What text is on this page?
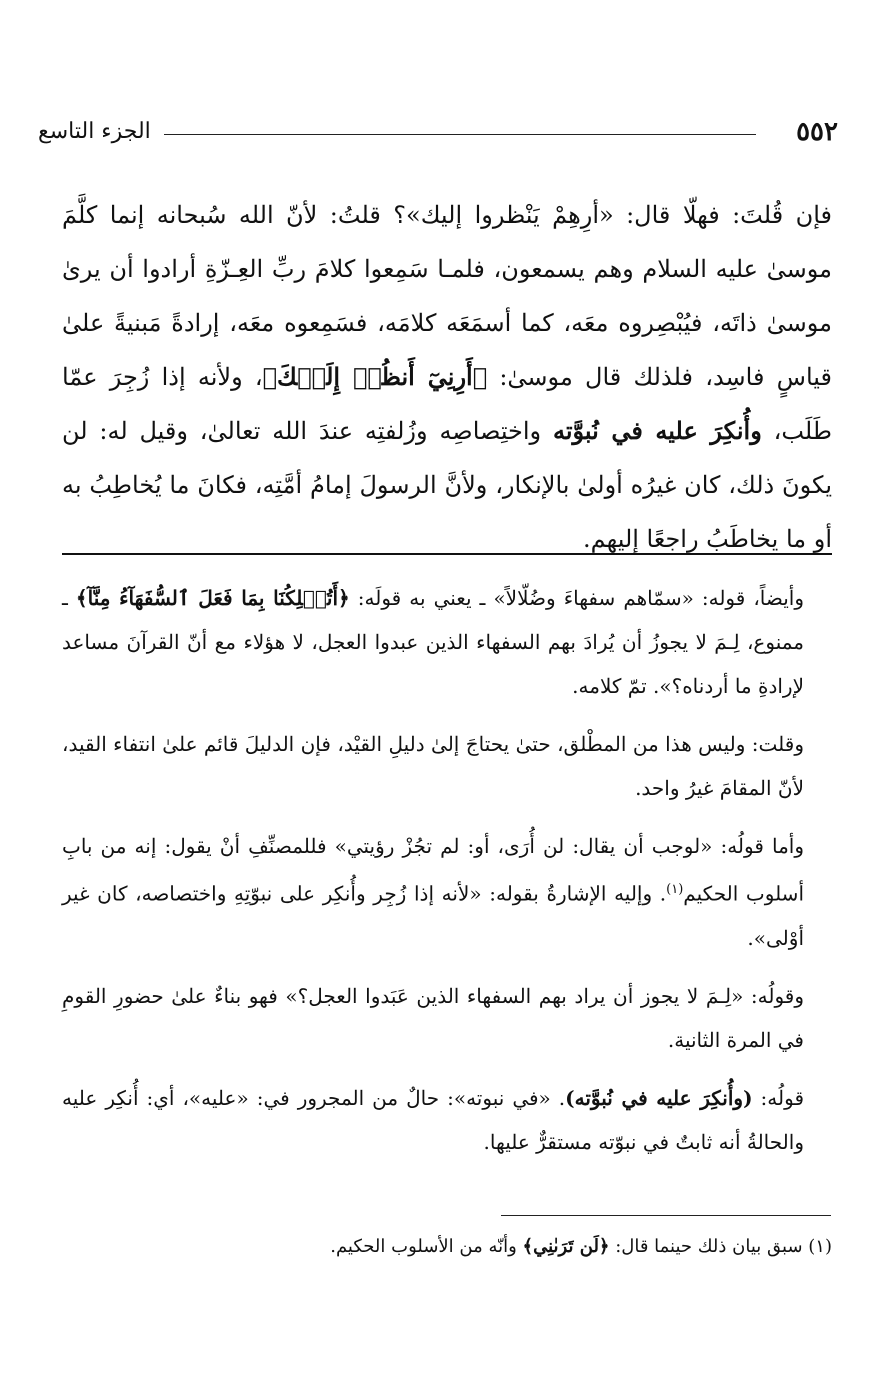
٥٥٢
الجزء التاسع

فإن قُلتَ: فهلّا قال: «أرِهِمْ يَنْظروا إليك»؟ قلتُ: لأنّ الله سُبحانه إنما كلَّمَ موسىٰ عليه السلام وهم يسمعون، فلمـا سَمِعوا كلامَ ربِّ العِـزّةِ أرادوا أن يرىٰ موسىٰ ذاتَه، فيُبْصِروه معَه، كما أسمَعَه كلامَه، فسَمِعوه معَه، إرادةً مَبنيةً علىٰ قياسٍ فاسِد، فلذلك قال موسىٰ: ﴿أَرِنِيٓ أَنظُرۡ إِلَيۡكَ﴾، ولأنه إذا زُجِرَ عمّا طَلَب، وأُنكِرَ عليه في نُبوَّته واختِصاصِه وزُلفتِه عندَ الله تعالىٰ، وقيل له: لن يكونَ ذلك، كان غيرُه أولىٰ بالإنكار، ولأنَّ الرسولَ إمامُ أمَّتِه، فكانَ ما يُخاطِبُ به أو ما يخاطَبُ راجعًا إليهم.

وأيضاً، قوله: «سمّاهم سفهاءَ وضُلّالاً» ـ يعني به قولَه: ﴿أَتُهۡلِكُنَا بِمَا فَعَلَ ٱلسُّفَهَآءُ مِنَّآ﴾ ـ ممنوع، لِـمَ لا يجوزُ أن يُرادَ بهم السفهاء الذين عبدوا العجل، لا هؤلاء مع أنّ القرآنَ مساعد لإرادةِ ما أردناه؟». تمّ كلامه.

وقلت: وليس هذا من المطْلق، حتىٰ يحتاجَ إلىٰ دليلِ القيْد، فإن الدليلَ قائم علىٰ انتفاء القيد، لأنّ المقامَ غيرُ واحد.

وأما قولُه: «لوجب أن يقال: لن أُرَى، أو: لم تجُزْ رؤيتي» فللمصنِّفِ أنْ يقول: إنه من بابِ أسلوب الحكيم$^{(١)}$. وإليه الإشارةُ بقوله: «لأنه إذا زُجِر وأُنكِر على نبوّتِهِ واختصاصه، كان غير أوْلى».

وقولُه: «لِـمَ لا يجوز أن يراد بهم السفهاء الذين عَبَدوا العجل؟» فهو بناءٌ علىٰ حضورِ القومِ في المرة الثانية.

قولُه: (وأُنكِرَ عليه في نُبوَّته). «في نبوته»: حالٌ من المجرور في: «عليه»، أي: أُنكِر عليه والحالةُ أنه ثابتٌ في نبوّته مستقرٌّ عليها.

(١) سبق بيان ذلك حينما قال: ﴿لَن تَرَىٰنِي﴾ وأنّه من الأسلوب الحكيم.
